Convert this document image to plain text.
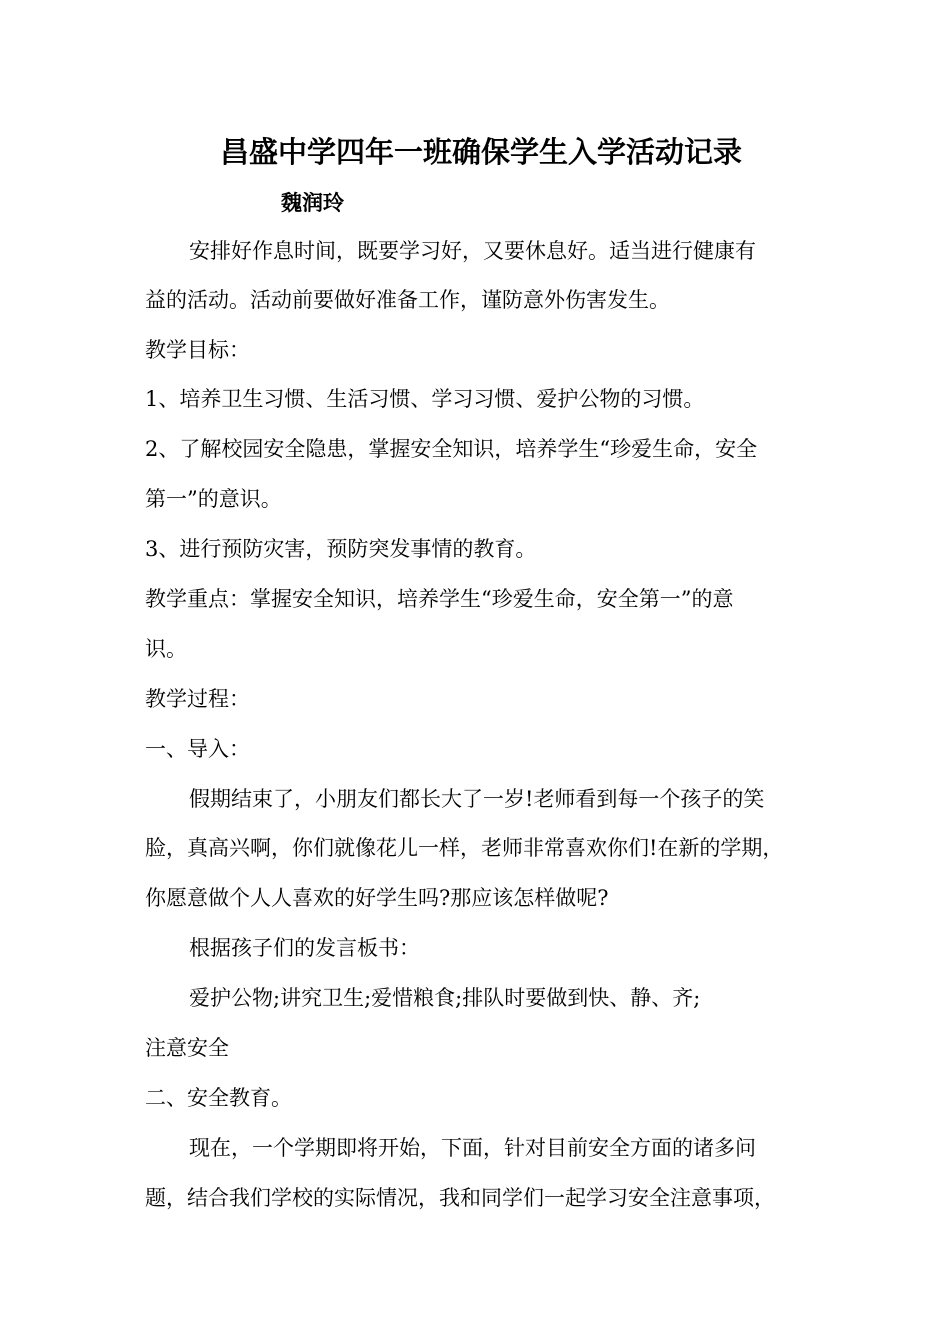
昌盛中学四年一班确保学生入学活动记录
魏润玲
安排好作息时间，既要学习好，又要休息好。适当进行健康有
益的活动。活动前要做好准备工作，谨防意外伤害发生。
教学目标：
1、培养卫生习惯、生活习惯、学习习惯、爱护公物的习惯。
2、了解校园安全隐患，掌握安全知识，培养学生“珍爱生命，安全
第一”的意识。
3、进行预防灾害，预防突发事情的教育。
教学重点：掌握安全知识，培养学生“珍爱生命，安全第一”的意
识。
教学过程：
一、导入：
假期结束了，小朋友们都长大了一岁!老师看到每一个孩子的笑
脸，真高兴啊，你们就像花儿一样，老师非常喜欢你们!在新的学期，
你愿意做个人人喜欢的好学生吗?那应该怎样做呢?
根据孩子们的发言板书：
爱护公物;讲究卫生;爱惜粮食;排队时要做到快、静、齐;
注意安全
二、安全教育。
现在，一个学期即将开始，下面，针对目前安全方面的诸多问
题，结合我们学校的实际情况，我和同学们一起学习安全注意事项，
